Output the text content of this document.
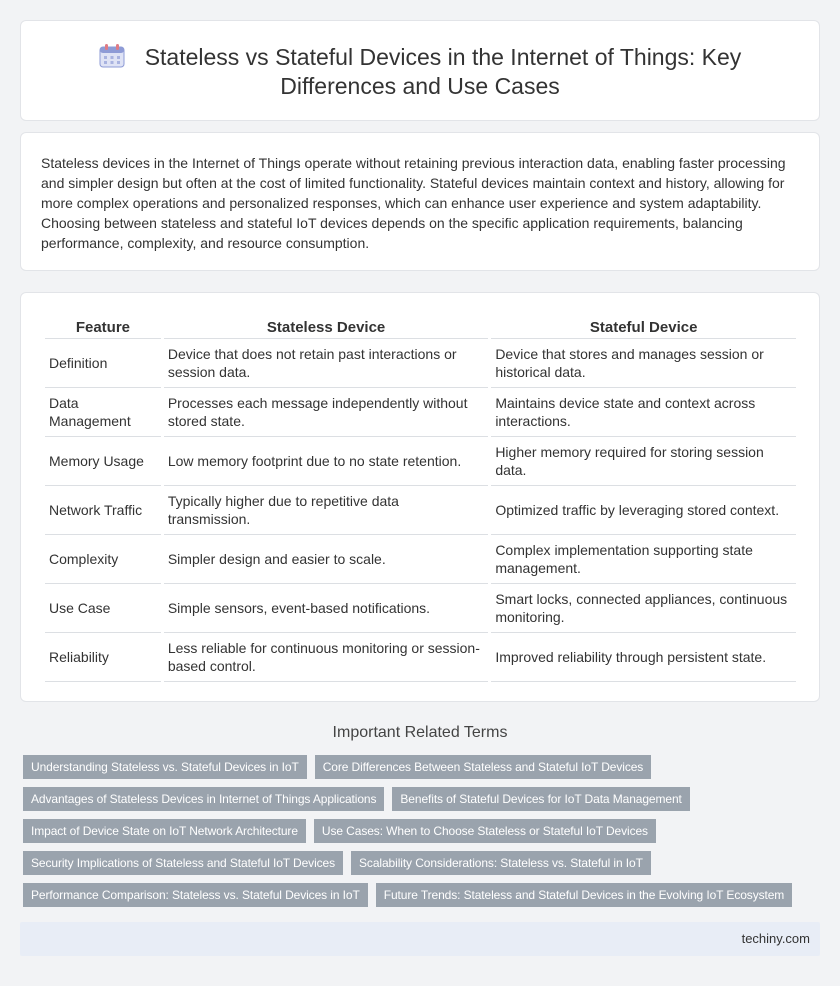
Stateless vs Stateful Devices in the Internet of Things: Key Differences and Use Cases

Stateless devices in the Internet of Things operate without retaining previous interaction data, enabling faster processing and simpler design but often at the cost of limited functionality. Stateful devices maintain context and history, allowing for more complex operations and personalized responses, which can enhance user experience and system adaptability. Choosing between stateless and stateful IoT devices depends on the specific application requirements, balancing performance, complexity, and resource consumption.

Feature	Stateless Device	Stateful Device
Definition	Device that does not retain past interactions or session data.	Device that stores and manages session or historical data.
Data Management	Processes each message independently without stored state.	Maintains device state and context across interactions.
Memory Usage	Low memory footprint due to no state retention.	Higher memory required for storing session data.
Network Traffic	Typically higher due to repetitive data transmission.	Optimized traffic by leveraging stored context.
Complexity	Simpler design and easier to scale.	Complex implementation supporting state management.
Use Case	Simple sensors, event-based notifications.	Smart locks, connected appliances, continuous monitoring.
Reliability	Less reliable for continuous monitoring or session-based control.	Improved reliability through persistent state.
Important Related Terms
Understanding Stateless vs. Stateful Devices in IoT	Core Differences Between Stateless and Stateful IoT Devices
Advantages of Stateless Devices in Internet of Things Applications	Benefits of Stateful Devices for IoT Data Management
Impact of Device State on IoT Network Architecture	Use Cases: When to Choose Stateless or Stateful IoT Devices
Security Implications of Stateless and Stateful IoT Devices	Scalability Considerations: Stateless vs. Stateful in IoT
Performance Comparison: Stateless vs. Stateful Devices in IoT	Future Trends: Stateless and Stateful Devices in the Evolving IoT Ecosystem
techiny.com
